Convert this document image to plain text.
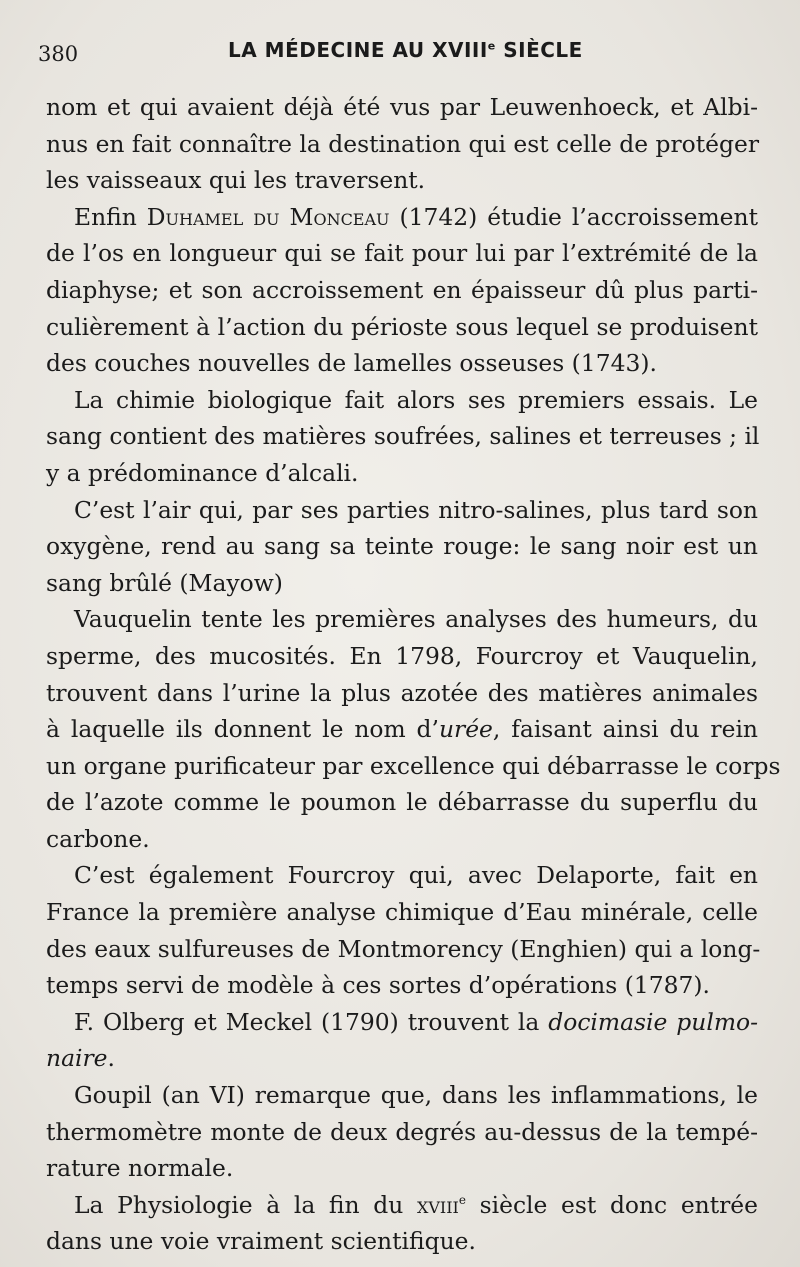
380	LA MÉDECINE AU XVIIIe SIÈCLE
nom et qui avaient déjà été vus par Leuwenhoeck, et Albi-
nus en fait connaître la destination qui est celle de protéger
les vaisseaux qui les traversent.
Enfin Duhamel du Monceau (1742) étudie l’accroissement
de l’os en longueur qui se fait pour lui par l’extrémité de la
diaphyse; et son accroissement en épaisseur dû plus parti-
culièrement à l’action du périoste sous lequel se produisent
des couches nouvelles de lamelles osseuses (1743).
La chimie biologique fait alors ses premiers essais. Le
sang contient des matières soufrées, salines et terreuses ; il
y a prédominance d’alcali.
C’est l’air qui, par ses parties nitro-salines, plus tard son
oxygène, rend au sang sa teinte rouge: le sang noir est un
sang brûlé (Mayow)
Vauquelin tente les premières analyses des humeurs, du
sperme, des mucosités. En 1798, Fourcroy et Vauquelin,
trouvent dans l’urine la plus azotée des matières animales
à laquelle ils donnent le nom d’urée, faisant ainsi du rein
un organe purificateur par excellence qui débarrasse le corps
de l’azote comme le poumon le débarrasse du superflu du
carbone.
C’est également Fourcroy qui, avec Delaporte, fait en
France la première analyse chimique d’Eau minérale, celle
des eaux sulfureuses de Montmorency (Enghien) qui a long-
temps servi de modèle à ces sortes d’opérations (1787).
F. Olberg et Meckel (1790) trouvent la docimasie pulmo-
naire.
Goupil (an VI) remarque que, dans les inflammations, le
thermomètre monte de deux degrés au-dessus de la tempé-
rature normale.
La Physiologie à la fin du xviii$^e$ siècle est donc entrée
dans une voie vraiment scientifique.
